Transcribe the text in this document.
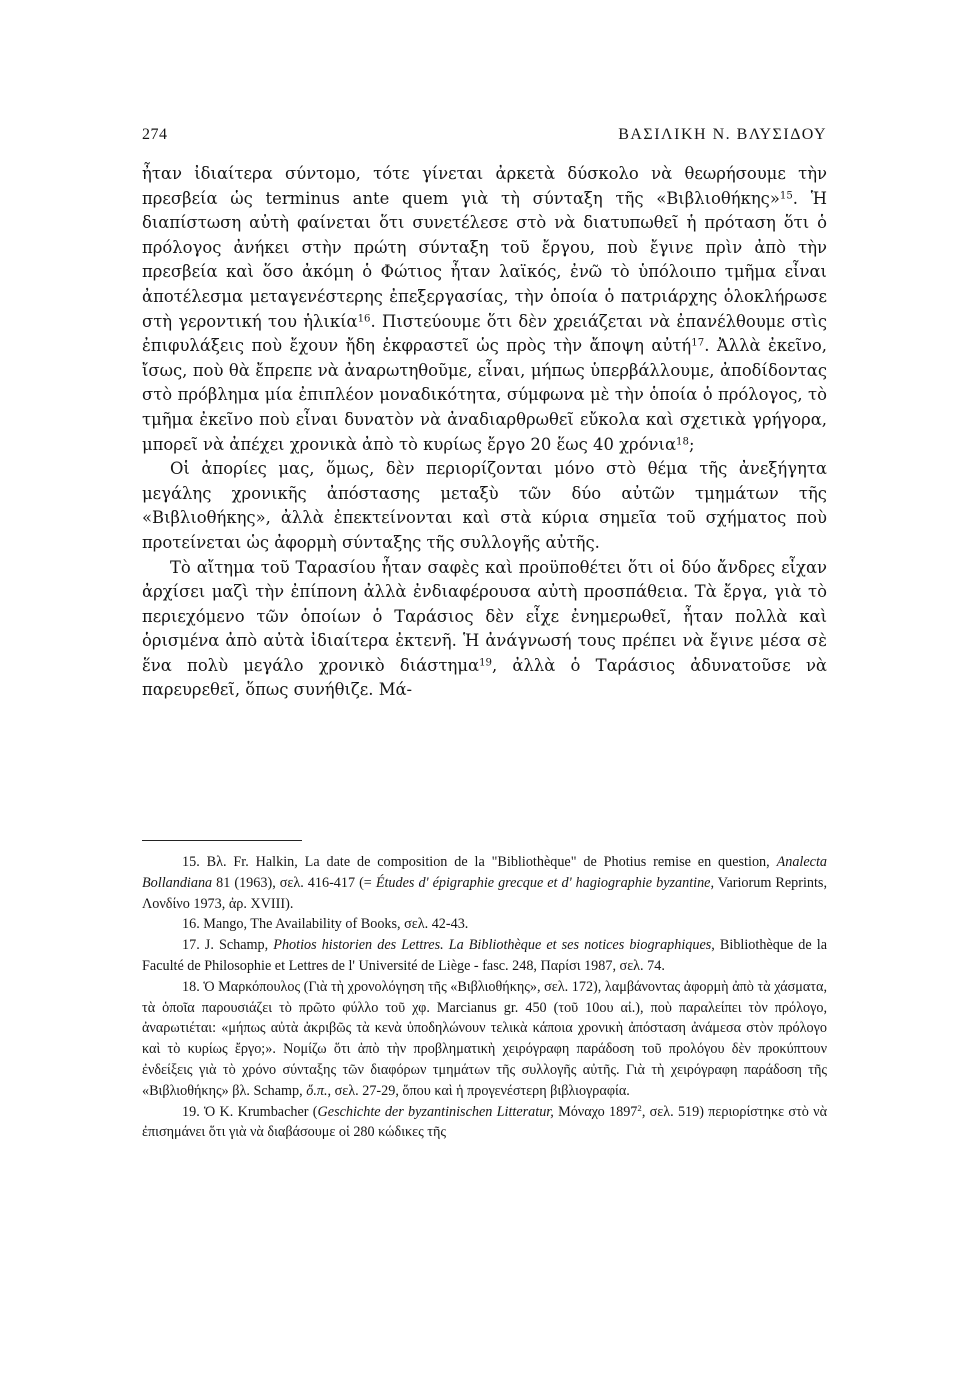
274	ΒΑΣΙΛΙΚΗ Ν. ΒΛΥΣΙΔΟΥ

ἦταν ἰδιαίτερα σύντομο, τότε γίνεται ἀρκετὰ δύσκολο νὰ θεωρήσουμε τὴν πρεσβεία ὡς terminus ante quem γιὰ τὴ σύνταξη τῆς «Βιβλιοθήκης»$^{15}$. Ἡ διαπίστωση αὐτὴ φαίνεται ὅτι συνετέλεσε στὸ νὰ διατυπωθεῖ ἡ πρόταση ὅτι ὁ πρόλογος ἀνήκει στὴν πρώτη σύνταξη τοῦ ἔργου, ποὺ ἔγινε πρὶν ἀπὸ τὴν πρεσβεία καὶ ὅσο ἀκόμη ὁ Φώτιος ἦταν λαϊκός, ἐνῶ τὸ ὑπόλοιπο τμῆμα εἶναι ἀποτέλεσμα μεταγενέστερης ἐπεξεργασίας, τὴν ὁποία ὁ πατριάρχης ὁλοκλήρωσε στὴ γεροντική του ἡλικία$^{16}$. Πιστεύουμε ὅτι δὲν χρειάζεται νὰ ἐπανέλθουμε στὶς ἐπιφυλάξεις ποὺ ἔχουν ἤδη ἐκφραστεῖ ὡς πρὸς τὴν ἄποψη αὐτή$^{17}$. Ἀλλὰ ἐκεῖνο, ἴσως, ποὺ θὰ ἔπρεπε νὰ ἀναρωτηθοῦμε, εἶναι, μήπως ὑπερβάλλουμε, ἀποδίδοντας στὸ πρόβλημα μία ἐπιπλέον μοναδικότητα, σύμφωνα μὲ τὴν ὁποία ὁ πρόλογος, τὸ τμῆμα ἐκεῖνο ποὺ εἶναι δυνατὸν νὰ ἀναδιαρθρωθεῖ εὔκολα καὶ σχετικὰ γρήγορα, μπορεῖ νὰ ἀπέχει χρονικὰ ἀπὸ τὸ κυρίως ἔργο 20 ἕως 40 χρόνια$^{18}$;

Οἱ ἀπορίες μας, ὅμως, δὲν περιορίζονται μόνο στὸ θέμα τῆς ἀνεξήγητα μεγάλης χρονικῆς ἀπόστασης μεταξὺ τῶν δύο αὐτῶν τμημάτων τῆς «Βιβλιοθήκης», ἀλλὰ ἐπεκτείνονται καὶ στὰ κύρια σημεῖα τοῦ σχήματος ποὺ προτείνεται ὡς ἀφορμὴ σύνταξης τῆς συλλογῆς αὐτῆς.

Τὸ αἴτημα τοῦ Ταρασίου ἦταν σαφὲς καὶ προϋποθέτει ὅτι οἱ δύο ἄνδρες εἶχαν ἀρχίσει μαζὶ τὴν ἐπίπονη ἀλλὰ ἐνδιαφέρουσα αὐτὴ προσπάθεια. Τὰ ἔργα, γιὰ τὸ περιεχόμενο τῶν ὁποίων ὁ Ταράσιος δὲν εἶχε ἐνημερωθεῖ, ἦταν πολλὰ καὶ ὁρισμένα ἀπὸ αὐτὰ ἰδιαίτερα ἐκτενῆ. Ἡ ἀνάγνωσή τους πρέπει νὰ ἔγινε μέσα σὲ ἕνα πολὺ μεγάλο χρονικὸ διάστημα$^{19}$, ἀλλὰ ὁ Ταράσιος ἀδυνατοῦσε νὰ παρευρεθεῖ, ὅπως συνήθιζε. Μά-

15. Βλ. Fr. Halkin, La date de composition de la "Bibliothèque" de Photius remise en question, Analecta Bollandiana 81 (1963), σελ. 416-417 (= Études d' épigraphie grecque et d' hagiographie byzantine, Variorum Reprints, Λονδίνο 1973, ἀρ. XVIII).

16. Mango, The Availability of Books, σελ. 42-43.

17. J. Schamp, Photios historien des Lettres. La Bibliothèque et ses notices biographiques, Bibliothèque de la Faculté de Philosophie et Lettres de l' Université de Liège - fasc. 248, Παρίσι 1987, σελ. 74.

18. Ὁ Μαρκόπουλος (Γιὰ τὴ χρονολόγηση τῆς «Βιβλιοθήκης», σελ. 172), λαμβάνοντας ἀφορμὴ ἀπὸ τὰ χάσματα, τὰ ὁποῖα παρουσιάζει τὸ πρῶτο φύλλο τοῦ χφ. Marcianus gr. 450 (τοῦ 10ου αἰ.), ποὺ παραλείπει τὸν πρόλογο, ἀναρωτιέται: «μήπως αὐτὰ ἀκριβῶς τὰ κενὰ ὑποδηλώνουν τελικὰ κάποια χρονικὴ ἀπόσταση ἀνάμεσα στὸν πρόλογο καὶ τὸ κυρίως ἔργο;». Νομίζω ὅτι ἀπὸ τὴν προβληματικὴ χειρόγραφη παράδοση τοῦ προλόγου δὲν προκύπτουν ἐνδείξεις γιὰ τὸ χρόνο σύνταξης τῶν διαφόρων τμημάτων τῆς συλλογῆς αὐτῆς. Γιὰ τὴ χειρόγραφη παράδοση τῆς «Βιβλιοθήκης» βλ. Schamp, ὅ.π., σελ. 27-29, ὅπου καὶ ἡ προγενέστερη βιβλιογραφία.

19. Ὁ K. Krumbacher (Geschichte der byzantinischen Litteratur, Μόναχο 1897$^2$, σελ. 519) περιορίστηκε στὸ νὰ ἐπισημάνει ὅτι γιὰ νὰ διαβάσουμε οἱ 280 κώδικες τῆς
